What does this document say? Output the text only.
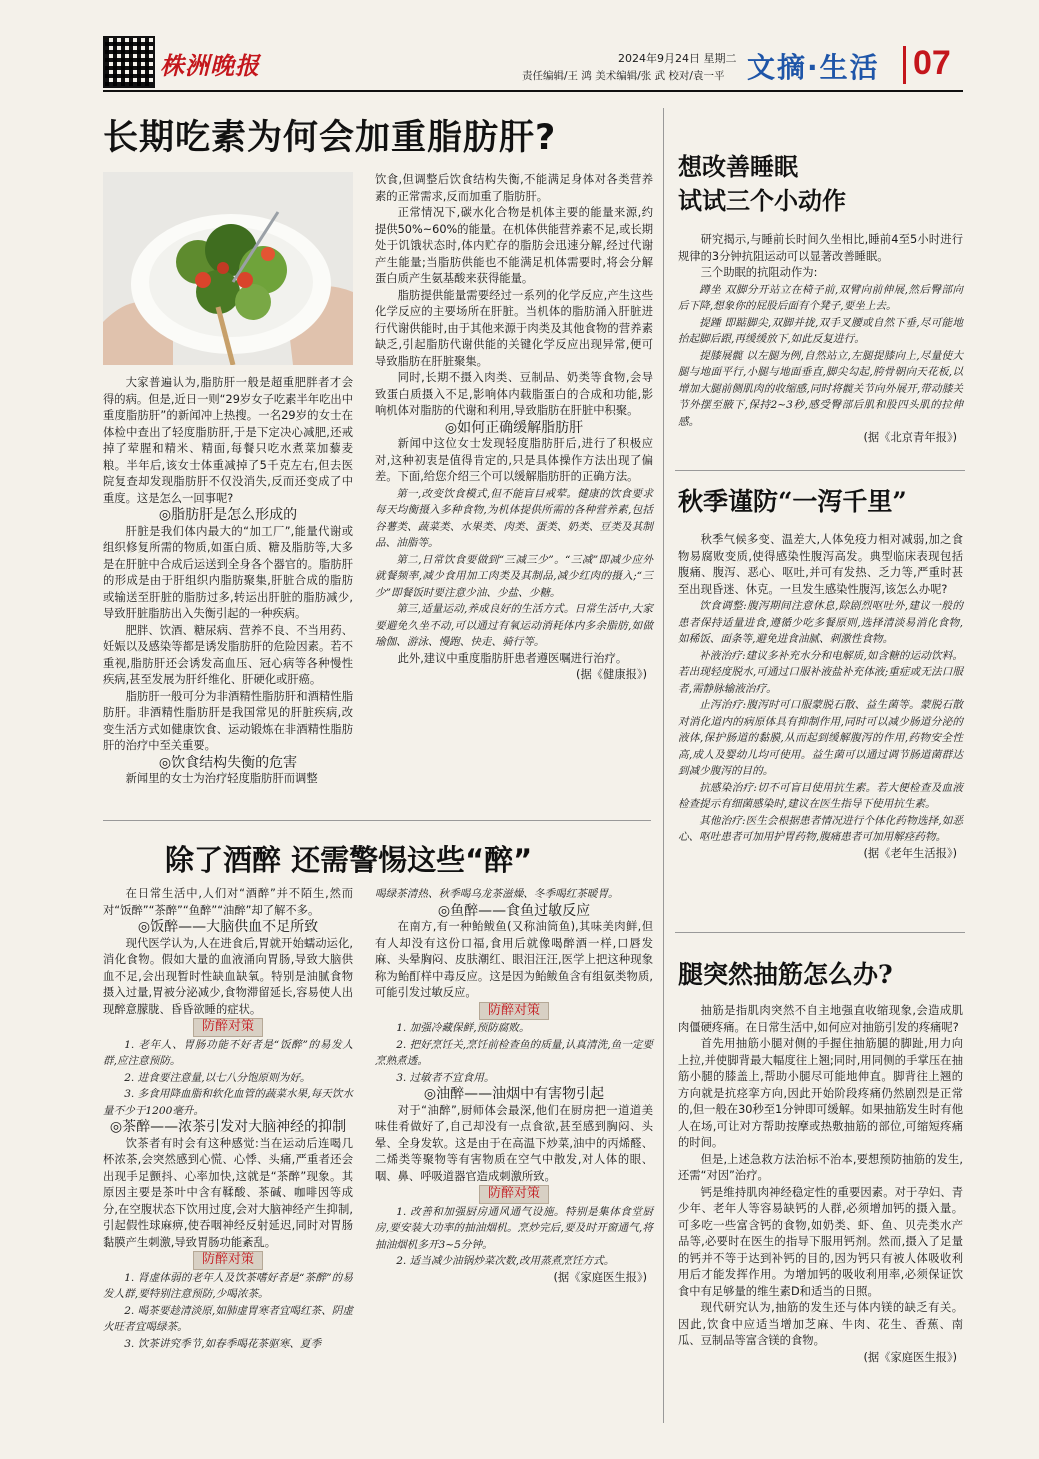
株洲晚报	2024年9月24日 星期二
责任编辑/王 鸿 美术编辑/张 武 校对/袁一平 文摘·生活 07
长期吃素为何会加重脂肪肝?

大家普遍认为,脂肪肝一般是超重肥胖者才会得的病。但是,近日一则“29岁女子吃素半年吃出中重度脂肪肝”的新闻冲上热搜。一名29岁的女士在体检中查出了轻度脂肪肝,于是下定决心减肥,还戒掉了荤腥和精米、精面,每餐只吃水煮菜加藜麦粮。半年后,该女士体重减掉了5千克左右,但去医院复查却发现脂肪肝不仅没消失,反而还变成了中重度。这是怎么一回事呢?

◎脂肪肝是怎么形成的

肝脏是我们体内最大的“加工厂”,能量代谢或组织修复所需的物质,如蛋白质、糖及脂肪等,大多是在肝脏中合成后运送到全身各个器官的。脂肪肝的形成是由于肝组织内脂肪聚集,肝脏合成的脂肪或输送至肝脏的脂肪过多,转运出肝脏的脂肪减少,导致肝脏脂肪出入失衡引起的一种疾病。

肥胖、饮酒、糖尿病、营养不良、不当用药、妊娠以及感染等都是诱发脂肪肝的危险因素。若不重视,脂肪肝还会诱发高血压、冠心病等各种慢性疾病,甚至发展为肝纤维化、肝硬化或肝癌。

脂肪肝一般可分为非酒精性脂肪肝和酒精性脂肪肝。非酒精性脂肪肝是我国常见的肝脏疾病,改变生活方式如健康饮食、运动锻炼在非酒精性脂肪肝的治疗中至关重要。

◎饮食结构失衡的危害

新闻里的女士为治疗轻度脂肪肝而调整

饮食,但调整后饮食结构失衡,不能满足身体对各类营养素的正常需求,反而加重了脂肪肝。

正常情况下,碳水化合物是机体主要的能量来源,约提供50%~60%的能量。在机体供能营养素不足,或长期处于饥饿状态时,体内贮存的脂肪会迅速分解,经过代谢产生能量;当脂肪供能也不能满足机体需要时,将会分解蛋白质产生氨基酸来获得能量。

脂肪提供能量需要经过一系列的化学反应,产生这些化学反应的主要场所在肝脏。当机体的脂肪涌入肝脏进行代谢供能时,由于其他来源于肉类及其他食物的营养素缺乏,引起脂肪代谢供能的关键化学反应出现异常,便可导致脂肪在肝脏聚集。

同时,长期不摄入肉类、豆制品、奶类等食物,会导致蛋白质摄入不足,影响体内载脂蛋白的合成和功能,影响机体对脂肪的代谢和利用,导致脂肪在肝脏中积聚。

◎如何正确缓解脂肪肝

新闻中这位女士发现轻度脂肪肝后,进行了积极应对,这种初衷是值得肯定的,只是具体操作方法出现了偏差。下面,给您介绍三个可以缓解脂肪肝的正确方法。

第一,改变饮食模式,但不能盲目戒荤。健康的饮食要求每天均衡摄入多种食物,为机体提供所需的各种营养素,包括谷薯类、蔬菜类、水果类、肉类、蛋类、奶类、豆类及其制品、油脂等。

第二,日常饮食要做到“三减三少”。“三减”即减少应外就餐频率,减少食用加工肉类及其制品,减少红肉的摄入;“三少”即餐饭时要注意少油、少盐、少糖。

第三,适量运动,养成良好的生活方式。日常生活中,大家要避免久坐不动,可以通过有氧运动消耗体内多余脂肪,如做瑜伽、游泳、慢跑、快走、骑行等。

此外,建议中重度脂肪肝患者遵医嘱进行治疗。

(据《健康报》)

除了酒醉 还需警惕这些“醉”

在日常生活中,人们对“酒醉”并不陌生,然而对“饭醉”“茶醉”“鱼醉”“油醉”却了解不多。

◎饭醉——大脑供血不足所致

现代医学认为,人在进食后,胃就开始蠕动运化,消化食物。假如大量的血液涌向胃肠,导致大脑供血不足,会出现暂时性缺血缺氧。特别是油腻食物摄入过量,胃被分泌减少,食物滞留延长,容易使人出现醉意朦胧、昏昏欲睡的症状。

防醉对策

1. 老年人、胃肠功能不好者是“饭醉”的易发人群,应注意预防。

2. 进食要注意量,以七八分饱原则为好。

3. 多食用降血脂和软化血管的蔬菜水果,每天饮水量不少于1200毫升。

◎茶醉——浓茶引发对大脑神经的抑制

饮茶者有时会有这种感觉:当在运动后连喝几杯浓茶,会突然感到心慌、心悸、头痛,严重者还会出现手足颤抖、心率加快,这就是“茶醉”现象。其原因主要是茶叶中含有鞣酸、茶碱、咖啡因等成分,在空腹状态下饮用过度,会对大脑神经产生抑制,引起假性球麻痹,使吞咽神经反射延迟,同时对胃肠黏膜产生刺激,导致胃肠功能紊乱。

防醉对策

1. 肾虚体弱的老年人及饮茶嗜好者是“茶醉”的易发人群,要特别注意预防,少喝浓茶。

2. 喝茶要趁清淡原,如肺虚胃寒者宜喝红茶、阴虚火旺者宜喝绿茶。

3. 饮茶讲究季节,如春季喝花茶驱寒、夏季

喝绿茶清热、秋季喝乌龙茶滋燥、冬季喝红茶暖胃。

◎鱼醉——食鱼过敏反应

在南方,有一种鲐鲅鱼(又称油筒鱼),其味美肉鲜,但有人却没有这份口福,食用后就像喝醉酒一样,口唇发麻、头晕胸闷、皮肤潮红、眼泪汪汪,医学上把这种现象称为鲐酊样中毒反应。这是因为鲐鲅鱼含有组氨类物质,可能引发过敏反应。

防醉对策

1. 加强冷藏保鲜,预防腐败。

2. 把好烹饪关,烹饪前检查鱼的质量,认真清洗,鱼一定要烹熟煮透。

3. 过敏者不宜食用。

◎油醉——油烟中有害物引起

对于“油醉”,厨师体会最深,他们在厨房把一道道美味佳肴做好了,自己却没有一点食欲,甚至感到胸闷、头晕、全身发软。这是由于在高温下炒菜,油中的丙烯醛、二烯类等聚物等有害物质在空气中散发,对人体的眼、咽、鼻、呼吸道器官造成刺激所致。

防醉对策

1. 改善和加强厨房通风通气设施。特别是集体食堂厨房,要安装大功率的抽油烟机。烹炒完后,要及时开窗通气,将抽油烟机多开3~5分钟。

2. 适当减少油锅炒菜次数,改用蒸煮烹饪方式。

(据《家庭医生报》)

想改善睡眠
试试三个小动作

研究揭示,与睡前长时间久坐相比,睡前4至5小时进行规律的3分钟抗阻运动可以显著改善睡眠。

三个助眠的抗阻动作为:

蹲坐 双脚分开站立在椅子前,双臂向前伸展,然后臀部向后下降,想象你的屁股后面有个凳子,要坐上去。

提踵 即踮脚尖,双脚并拢,双手叉腰或自然下垂,尽可能地抬起脚后跟,再缓缓放下,如此反复进行。

提膝展髋 以左腿为例,自然站立,左腿提膝向上,尽量使大腿与地面平行,小腿与地面垂直,脚尖勾起,胯骨朝向天花板,以增加大腿前侧肌肉的收缩感,同时将髋关节向外展开,带动膝关节外摆至腋下,保持2~3秒,感受臀部后肌和股四头肌的拉伸感。

(据《北京青年报》)

秋季谨防“一泻千里”

秋季气候多变、温差大,人体免疫力相对减弱,加之食物易腐败变质,使得感染性腹泻高发。典型临床表现包括腹痛、腹泻、恶心、呕吐,并可有发热、乏力等,严重时甚至出现昏迷、休克。一旦发生感染性腹泻,该怎么办呢?

饮食调整:腹泻期间注意休息,除剧烈呕吐外,建议一般的患者保持适量进食,遵循少吃多餐原则,选择清淡易消化食物,如稀饭、面条等,避免进食油腻、刺激性食物。

补液治疗:建议多补充水分和电解质,如含糖的运动饮料。若出现轻度脱水,可通过口服补液盐补充体液;重症或无法口服者,需静脉输液治疗。

止泻治疗:腹泻时可口服蒙脱石散、益生菌等。蒙脱石散对消化道内的病原体具有抑制作用,同时可以减少肠道分泌的液体,保护肠道的黏膜,从而起到缓解腹泻的作用,药物安全性高,成人及婴幼儿均可使用。益生菌可以通过调节肠道菌群达到减少腹泻的目的。

抗感染治疗:切不可盲目使用抗生素。若大便检查及血液检查提示有细菌感染时,建议在医生指导下使用抗生素。

其他治疗:医生会根据患者情况进行个体化药物选择,如恶心、呕吐患者可加用护胃药物,腹痛患者可加用解痉药物。

(据《老年生活报》)

腿突然抽筋怎么办?

抽筋是指肌肉突然不自主地强直收缩现象,会造成肌肉僵硬疼痛。在日常生活中,如何应对抽筋引发的疼痛呢?

首先用抽筋小腿对侧的手握住抽筋腿的脚趾,用力向上拉,并使脚背最大幅度往上翘;同时,用同侧的手掌压在抽筋小腿的膝盖上,帮助小腿尽可能地伸直。脚背往上翘的方向就是抗痉挛方向,因此开始阶段疼痛仍然剧烈是正常的,但一般在30秒至1分钟即可缓解。如果抽筋发生时有他人在场,可让对方帮助按摩或热敷抽筋的部位,可缩短疼痛的时间。

但是,上述急救方法治标不治本,要想预防抽筋的发生,还需“对因”治疗。

钙是维持肌肉神经稳定性的重要因素。对于孕妇、青少年、老年人等容易缺钙的人群,必须增加钙的摄入量。可多吃一些富含钙的食物,如奶类、虾、鱼、贝壳类水产品等,必要时在医生的指导下服用钙剂。然而,摄入了足量的钙并不等于达到补钙的目的,因为钙只有被人体吸收利用后才能发挥作用。为增加钙的吸收利用率,必须保证饮食中有足够量的维生素D和适当的日照。

现代研究认为,抽筋的发生还与体内镁的缺乏有关。因此,饮食中应适当增加芝麻、牛肉、花生、香蕉、南瓜、豆制品等富含镁的食物。

(据《家庭医生报》)
